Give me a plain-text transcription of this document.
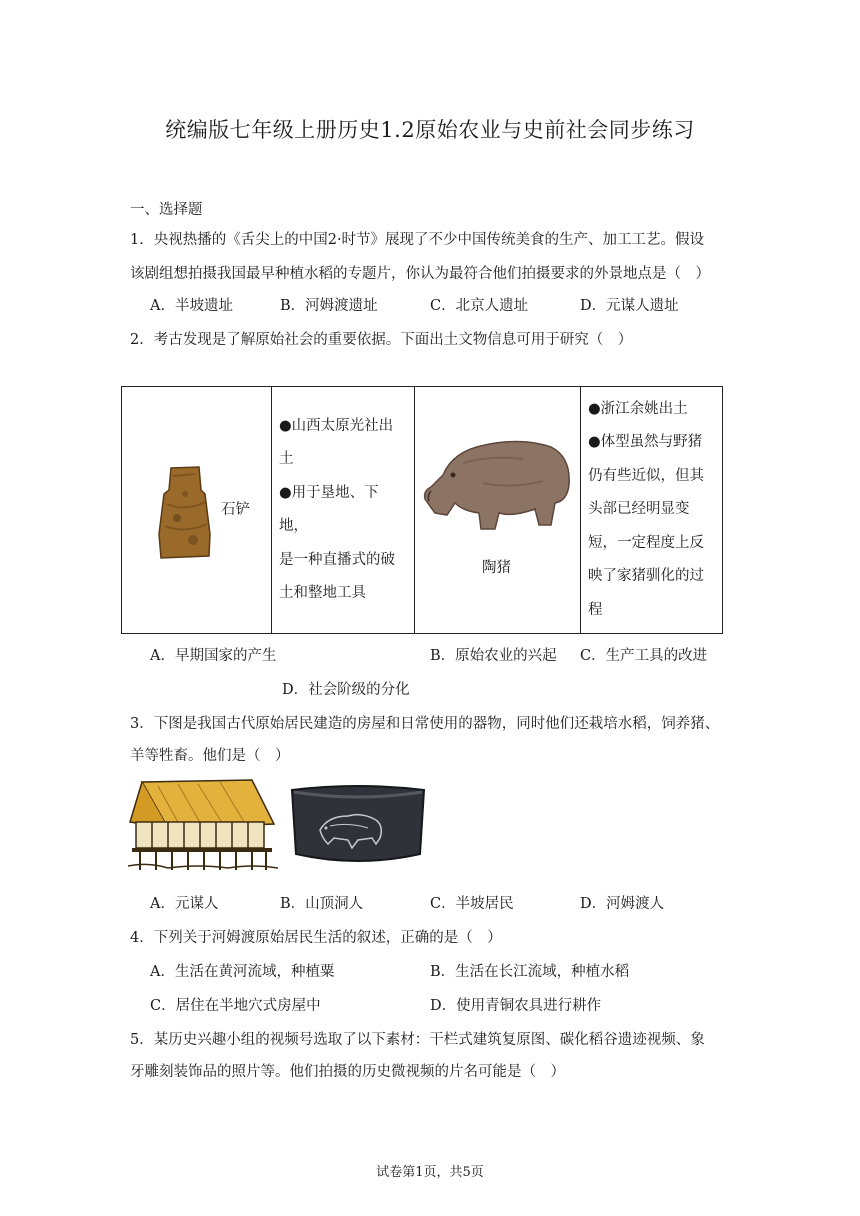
统编版七年级上册历史1.2原始农业与史前社会同步练习
一、选择题
1．央视热播的《舌尖上的中国2·时节》展现了不少中国传统美食的生产、加工工艺。假设
该剧组想拍摄我国最早种植水稻的专题片，你认为最符合他们拍摄要求的外景地点是（　）
A．半坡遗址	B．河姆渡遗址	C．北京人遗址	D．元谋人遗址
2．考古发现是了解原始社会的重要依据。下面出土文物信息可用于研究（　）
石铲

●山西太原光社出
土
●用于垦地、下地，
是一种直播式的破
土和整地工具

陶猪

●浙江余姚出土
●体型虽然与野猪
仍有些近似，但其
头部已经明显变
短，一定程度上反
映了家猪驯化的过
程
A．早期国家的产生	B．原始农业的兴起 C．生产工具的改进
D．社会阶级的分化
3．下图是我国古代原始居民建造的房屋和日常使用的器物，同时他们还栽培水稻，饲养猪、
羊等牲畜。他们是（　）
A．元谋人	B．山顶洞人	C．半坡居民	D．河姆渡人
4．下列关于河姆渡原始居民生活的叙述，正确的是（　）
A．生活在黄河流域，种植粟	B．生活在长江流域，种植水稻
C．居住在半地穴式房屋中	D．使用青铜农具进行耕作
5．某历史兴趣小组的视频号选取了以下素材：干栏式建筑复原图、碳化稻谷遗迹视频、象
牙雕刻装饰品的照片等。他们拍摄的历史微视频的片名可能是（　）
试卷第1页，共5页
